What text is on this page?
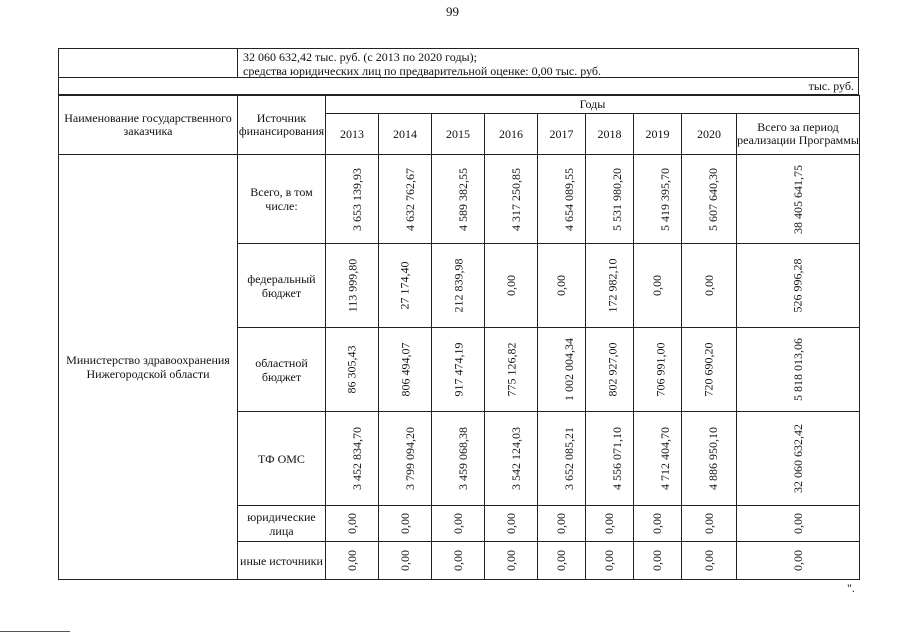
99
32 060 632,42 тыс. руб. (с 2013 по 2020 годы);
средства юридических лиц по предварительной оценке: 0,00 тыс. руб.
тыс. руб.
Наименование государственного заказчика	Источник финансирования	Годы								
		2013	2014	2015	2016	2017	2018	2019	2020	Всего за период реализации Программы
Министерство здравоохранения Нижегородской области	Всего, в том числе:	3 653 139,93	4 632 762,67	4 589 382,55	4 317 250,85	4 654 089,55	5 531 980,20	5 419 395,70	5 607 640,30	38 405 641,75
	федеральный бюджет	113 999,80	27 174,40	212 839,98	0,00	0,00	172 982,10	0,00	0,00	526 996,28
	областной бюджет	86 305,43	806 494,07	917 474,19	775 126,82	1 002 004,34	802 927,00	706 991,00	720 690,20	5 818 013,06
	ТФ ОМС	3 452 834,70	3 799 094,20	3 459 068,38	3 542 124,03	3 652 085,21	4 556 071,10	4 712 404,70	4 886 950,10	32 060 632,42
	юридические лица	0,00	0,00	0,00	0,00	0,00	0,00	0,00	0,00	0,00
	иные источники	0,00	0,00	0,00	0,00	0,00	0,00	0,00	0,00	0,00
".
